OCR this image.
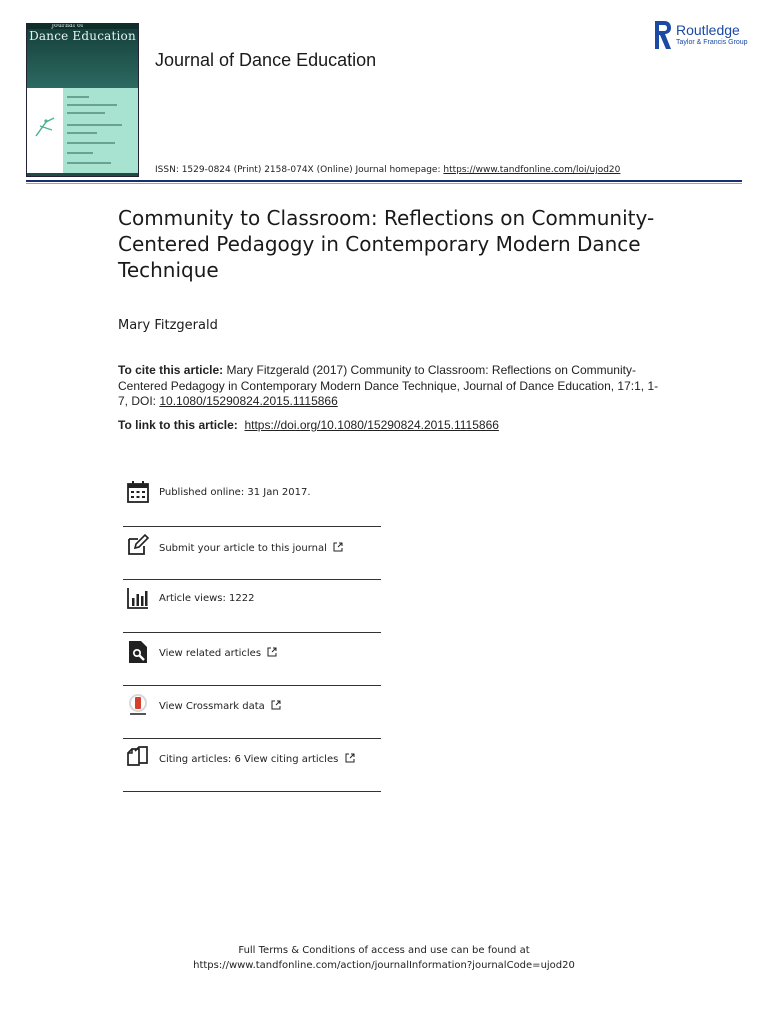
Journal of
Dance Education
Journal of Dance Education
Routledge
Taylor & Francis Group
ISSN: 1529-0824 (Print) 2158-074X (Online) Journal homepage: https://www.tandfonline.com/loi/ujod20
Community to Classroom: Reflections on Community-Centered Pedagogy in Contemporary Modern Dance Technique
Mary Fitzgerald
To cite this article: Mary Fitzgerald (2017) Community to Classroom: Reflections on Community-Centered Pedagogy in Contemporary Modern Dance Technique, Journal of Dance Education, 17:1, 1-7, DOI: 10.1080/15290824.2015.1115866
To link to this article: https://doi.org/10.1080/15290824.2015.1115866
Published online: 31 Jan 2017.
Submit your article to this journal
Article views: 1222
View related articles
View Crossmark data
Citing articles: 6 View citing articles
Full Terms & Conditions of access and use can be found at
https://www.tandfonline.com/action/journalInformation?journalCode=ujod20
